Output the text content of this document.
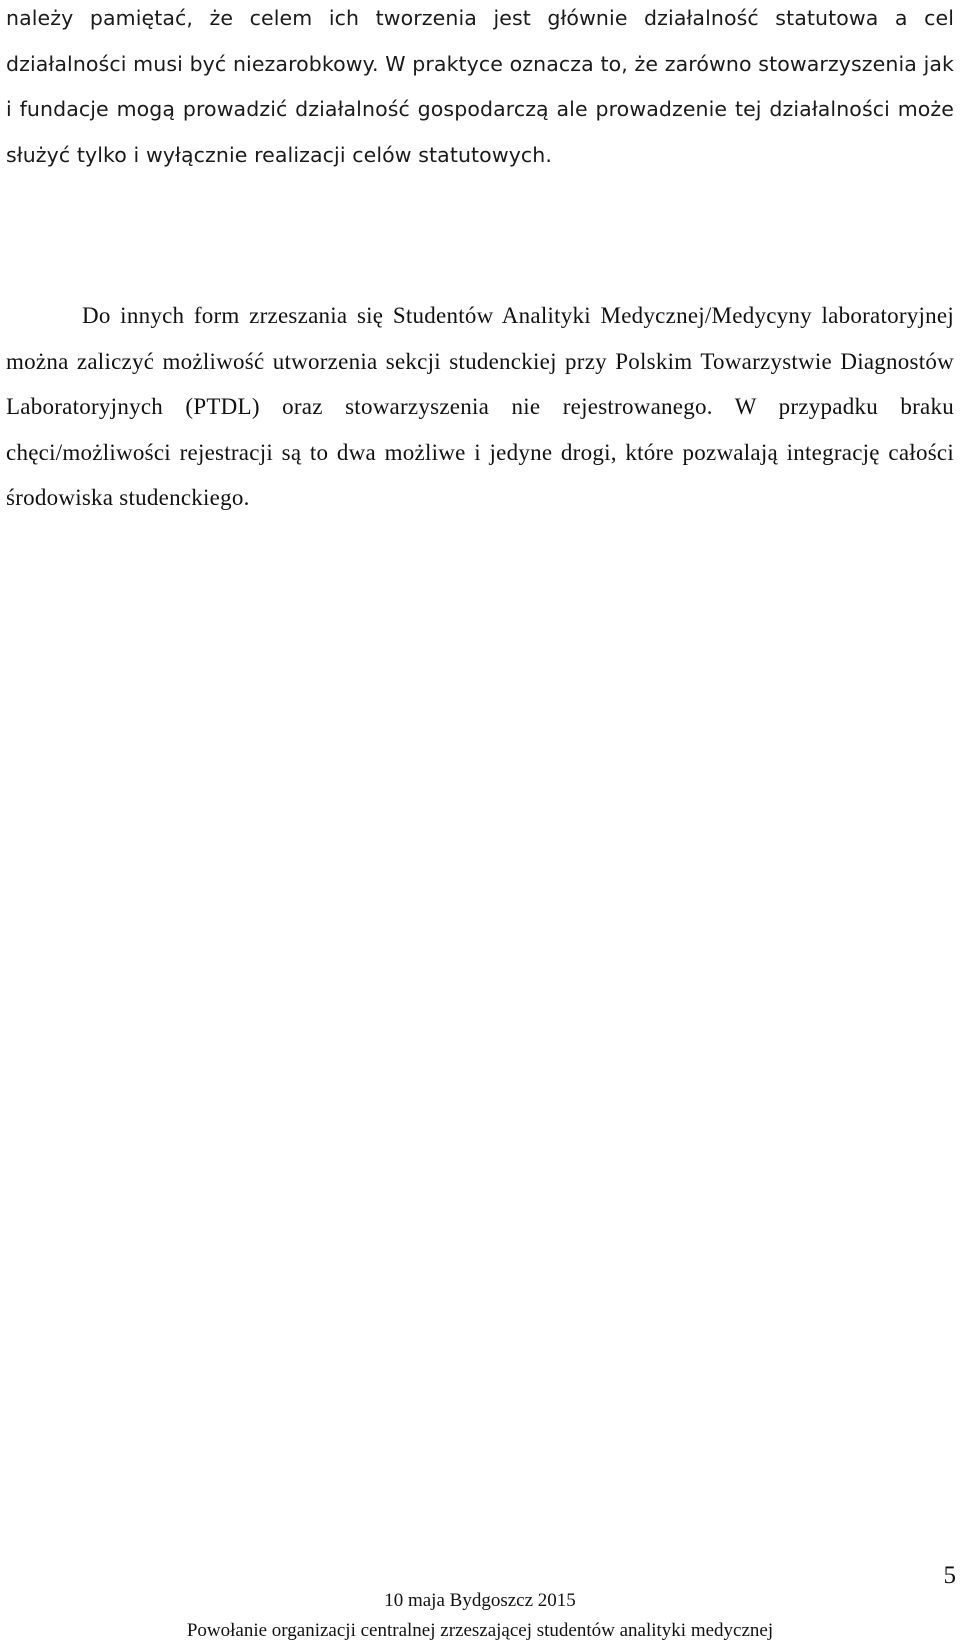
należy pamiętać, że celem ich tworzenia jest głównie działalność statutowa a cel działalności musi być niezarobkowy. W praktyce oznacza to, że zarówno stowarzyszenia jak i fundacje mogą prowadzić działalność gospodarczą ale prowadzenie tej działalności może służyć tylko i wyłącznie realizacji celów statutowych.

Do innych form zrzeszania się Studentów Analityki Medycznej/Medycyny laboratoryjnej można zaliczyć możliwość utworzenia sekcji studenckiej przy Polskim Towarzystwie Diagnostów Laboratoryjnych (PTDL) oraz stowarzyszenia nie rejestrowanego. W przypadku braku chęci/możliwości rejestracji są to dwa możliwe i jedyne drogi, które pozwalają integrację całości środowiska studenckiego.

5
10 maja Bydgoszcz 2015
Powołanie organizacji centralnej zrzeszającej studentów analityki medycznej
